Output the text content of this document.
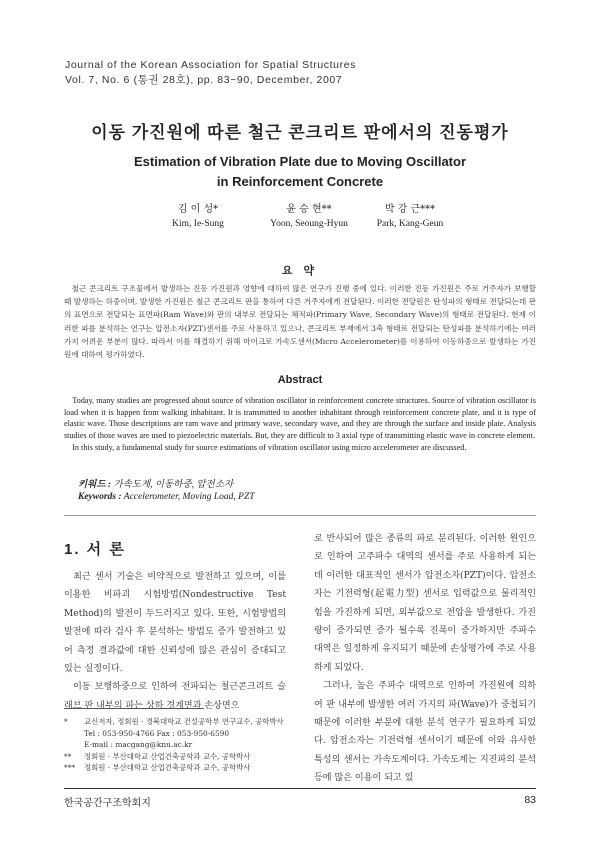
Journal of the Korean Association for Spatial Structures
Vol. 7, No. 6 (통권 28호), pp. 83~90, December, 2007
이동 가진원에 따른 철근 콘크리트 판에서의 진동평가
Estimation of Vibration Plate due to Moving Oscillator
in Reinforcement Concrete
김 이 성*
Kim, Ie-Sung
윤 승 현**
Yoon, Seoung-Hyun
박 강 근***
Park, Kang-Geun
요 약
철근 콘크리트 구조물에서 발생하는 진동 가진원과 영향에 대하여 많은 연구가 진행 중에 있다. 이러한 진동 가진원은 주로 거주자가 보행할 때 발생하는 하중이며, 발생한 가진원은 철근 콘크리트 판을 통하여 다른 거주자에게 전달된다. 이러한 전달원은 탄성파의 형태로 전달되는데 판의 표면으로 전달되는 표면파(Ram Wave)와 판의 내부로 전달되는 체적파(Primary Wave, Secondary Wave)의 형태로 전달된다. 현재 이러한 파를 분석하는 연구는 압전소자(PZT)센서를 주로 사용하고 있으나, 콘크리트 부재에서 3축 형태로 전달되는 탄성파를 분석하기에는 여러 가지 어려운 부분이 많다. 따라서 이를 해결하기 위해 마이크로 가속도센서(Micro Accelerometer)를 이용하여 이동하중으로 발생하는 가진원에 대하여 평가하였다.
Abstract

Today, many studies are progressed about source of vibration oscillator in reinforcement concrete structures. Source of vibration oscillator is load when it is happen from walking inhabitant. It is transmitted to another inhabitant through reinforcement concrete plate, and it is type of elastic wave. Those descriptions are ram wave and primary wave, secondary wave, and they are through the surface and inside plate. Analysis studies of those waves are used to piezoelectric materials. But, they are difficult to 3 axial type of transmitting elastic wave in concrete element.

In this study, a fundamental study for source estimations of vibration oscillator using micro accelerometer are discussed.

키워드 : 가속도계, 이동하중, 압전소자
Keywords : Accelerometer, Moving Load, PZT
1. 서 론

최근 센서 기술은 비약적으로 발전하고 있으며, 이를 이용한 비파괴 시험방법(Nondestructive Test Method)의 발전이 두드러지고 있다. 또한, 시험방법의 발전에 따라 검사 후 분석하는 방법도 증가 발전하고 있어 측정 결과값에 대한 신뢰성에 많은 관심이 증대되고 있는 실정이다.

이동 보행하중으로 인하여 전파되는 철근콘크리트 슬래브 판 내부의 파는 상하 경계면과 손상면으

로 반사되어 많은 종류의 파로 분리된다. 이러한 원인으로 인하여 고주파수 대역의 센서를 주로 사용하게 되는데 이러한 대표적인 센서가 압전소자(PZT)이다. 압전소자는 기전력형(起電力型) 센서로 입력값으로 물리적인 힘을 가진하게 되면, 외부값으로 전압을 발생한다. 가진량이 증가되면 증가 될수록 진폭이 증가하지만 주파수 대역은 일정하게 유지되기 때문에 손상평가에 주로 사용하게 되었다.

그러나, 높은 주파수 대역으로 인하여 가진원에 의하여 판 내부에 발생한 여러 가지의 파(Wave)가 중첩되기 때문에 이러한 부분에 대한 분석 연구가 필요하게 되었다. 압전소자는 기전력형 센서이기 때문에 이와 유사한 특성의 센서는 가속도계이다. 가속도계는 지진파의 분석 등에 많은 이용이 되고 있

*	교신저자, 정회원 · 경북대학교 건설공학부 연구교수, 공학박사
Tel : 053-950-4766 Fax : 053-950-6590
E-mail : macgang@knu.ac.kr
**	정회원 · 부산대학교 산업건축공학과 교수, 공학박사
***	정회원 · 부산대학교 산업건축공학과 교수, 공학박사
한국공간구조학회지	83
